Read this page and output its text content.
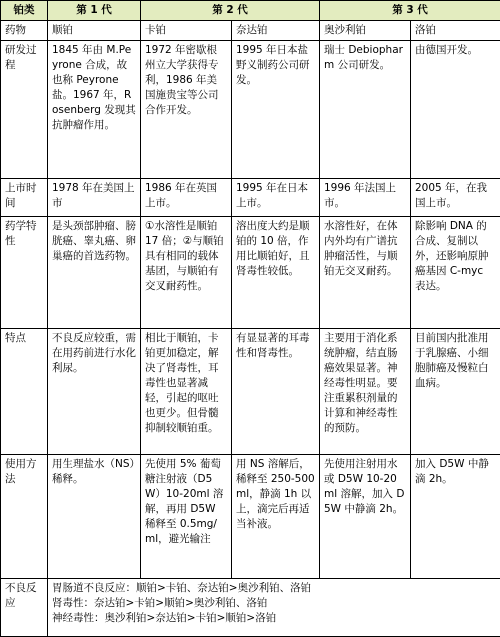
铂类	第 1 代	第 2 代		第 3 代	
药物	顺铂	卡铂	奈达铂	奥沙利铂	洛铂
研发过程	1845 年由 M.Peyrone 合成，故也称 Peyrone 盐。1967 年，Rosenberg 发现其抗肿瘤作用。	1972 年密歇根州立大学获得专利，1986 年美国施贵宝等公司合作开发。	1995 年日本盐野义制药公司研发。	瑞士 Debiopharm 公司研发。	由德国开发。
上市时间	1978 年在美国上市	1986 年在英国上市。	1995 年在日本上市。	1996 年法国上市。	2005 年，在我国上市。
药学特性	是头颈部肿瘤、膀胱癌、睾丸癌、卵巢癌的首选药物。	①水溶性是顺铂 17 倍；②与顺铂具有相同的载体基团，与顺铂有交叉耐药性。	溶出度大约是顺铂的 10 倍，作用比顺铂好，且肾毒性较低。	水溶性好，在体内外均有广谱抗肿瘤活性，与顺铂无交叉耐药。	除影响 DNA 的合成、复制以外，还影响原肿癌基因 C-myc 表达。
特点	不良反应较重，需在用药前进行水化利尿。	相比于顺铂，卡铂更加稳定，解决了肾毒性，耳毒性也显著减轻，引起的呕吐也更少。但骨髓抑制较顺铂重。	有显显著的耳毒性和肾毒性。	主要用于消化系统肿瘤，结直肠癌效果显著。神经毒性明显。要注重累积剂量的计算和神经毒性的预防。	目前国内批准用于乳腺癌、小细胞肺癌及慢粒白血病。
使用方法	用生理盐水（NS）稀释。	先使用 5% 葡萄糖注射液（D5W）10-20ml 溶解，再用 D5W 稀释至 0.5mg/ml，避光输注	用 NS 溶解后，稀释至 250-500 ml，静滴 1h 以上，滴完后再适当补液。	先使用注射用水或 D5W 10-20ml 溶解，加入 D5W 中静滴 2h。	加入 D5W 中静滴 2h。
不良反应	胃肠道不良反应：顺铂>卡铂、奈达铂>奥沙利铂、洛铂
肾毒性：奈达铂>卡铂>顺铂>奥沙利铂、洛铂
神经毒性：奥沙利铂>奈达铂>卡铂>顺铂>洛铂				
